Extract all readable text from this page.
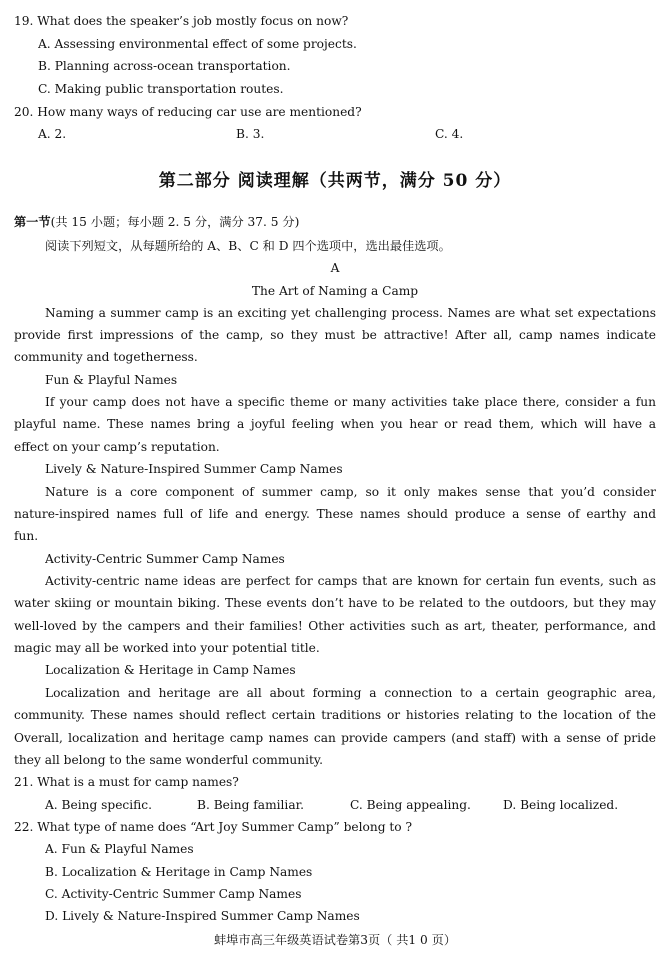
19. What does the speaker’s job mostly focus on now?
A. Assessing environmental effect of some projects.
B. Planning across-ocean transportation.
C. Making public transportation routes.
20. How many ways of reducing car use are mentioned?
A. 2.	B. 3.	C. 4.
第二部分 阅读理解（共两节，满分 50 分）
第一节(共 15 小题；每小题 2. 5 分，满分 37. 5 分)
阅读下列短文，从每题所给的 A、B、C 和 D 四个选项中，选出最佳选项。
A
The Art of Naming a Camp
Naming a summer camp is an exciting yet challenging process. Names are what set expectations
provide first impressions of the camp, so they must be attractive! After all, camp names indicate
community and togetherness.
Fun & Playful Names
If your camp does not have a specific theme or many activities take place there, consider a fun
playful name. These names bring a joyful feeling when you hear or read them, which will have a
effect on your camp’s reputation.
Lively & Nature-Inspired Summer Camp Names
Nature is a core component of summer camp, so it only makes sense that you’d consider
nature-inspired names full of life and energy. These names should produce a sense of earthy and
fun.
Activity-Centric Summer Camp Names
Activity-centric name ideas are perfect for camps that are known for certain fun events, such as
water skiing or mountain biking. These events don’t have to be related to the outdoors, but they may
well-loved by the campers and their families! Other activities such as art, theater, performance, and
magic may all be worked into your potential title.
Localization & Heritage in Camp Names
Localization and heritage are all about forming a connection to a certain geographic area,
community. These names should reflect certain traditions or histories relating to the location of the
Overall, localization and heritage camp names can provide campers (and staff) with a sense of pride
they all belong to the same wonderful community.
21. What is a must for camp names?
A. Being specific.	B. Being familiar.	C. Being appealing.	D. Being localized.
22. What type of name does “Art Joy Summer Camp” belong to ?
A. Fun & Playful Names
B. Localization & Heritage in Camp Names
C. Activity-Centric Summer Camp Names
D. Lively & Nature-Inspired Summer Camp Names
蚌埠市高三年级英语试卷第3页（ 共1 0 页）
